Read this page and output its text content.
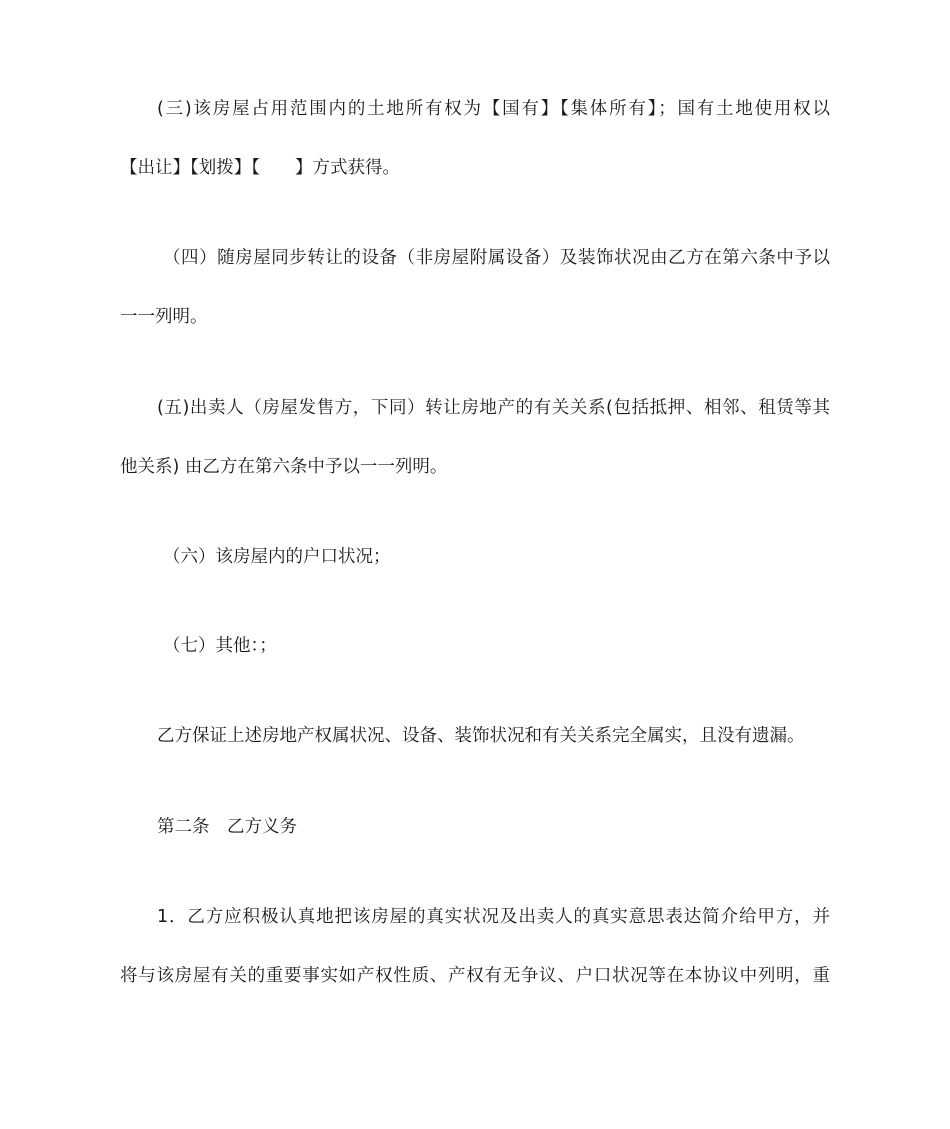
(三)该房屋占用范围内的土地所有权为【国有】【集体所有】；国有土地使用权以

【出让】【划拨】【　　】方式获得。

（四）随房屋同步转让的设备（非房屋附属设备）及装饰状况由乙方在第六条中予以

一一列明。

(五)出卖人（房屋发售方，下同）转让房地产的有关关系(包括抵押、相邻、租赁等其

他关系) 由乙方在第六条中予以一一列明。

（六）该房屋内的户口状况；

（七）其他：；

乙方保证上述房地产权属状况、设备、装饰状况和有关关系完全属实，且没有遗漏。

第二条　乙方义务

1．乙方应积极认真地把该房屋的真实状况及出卖人的真实意思表达简介给甲方，并

将与该房屋有关的重要事实如产权性质、产权有无争议、户口状况等在本协议中列明，重
